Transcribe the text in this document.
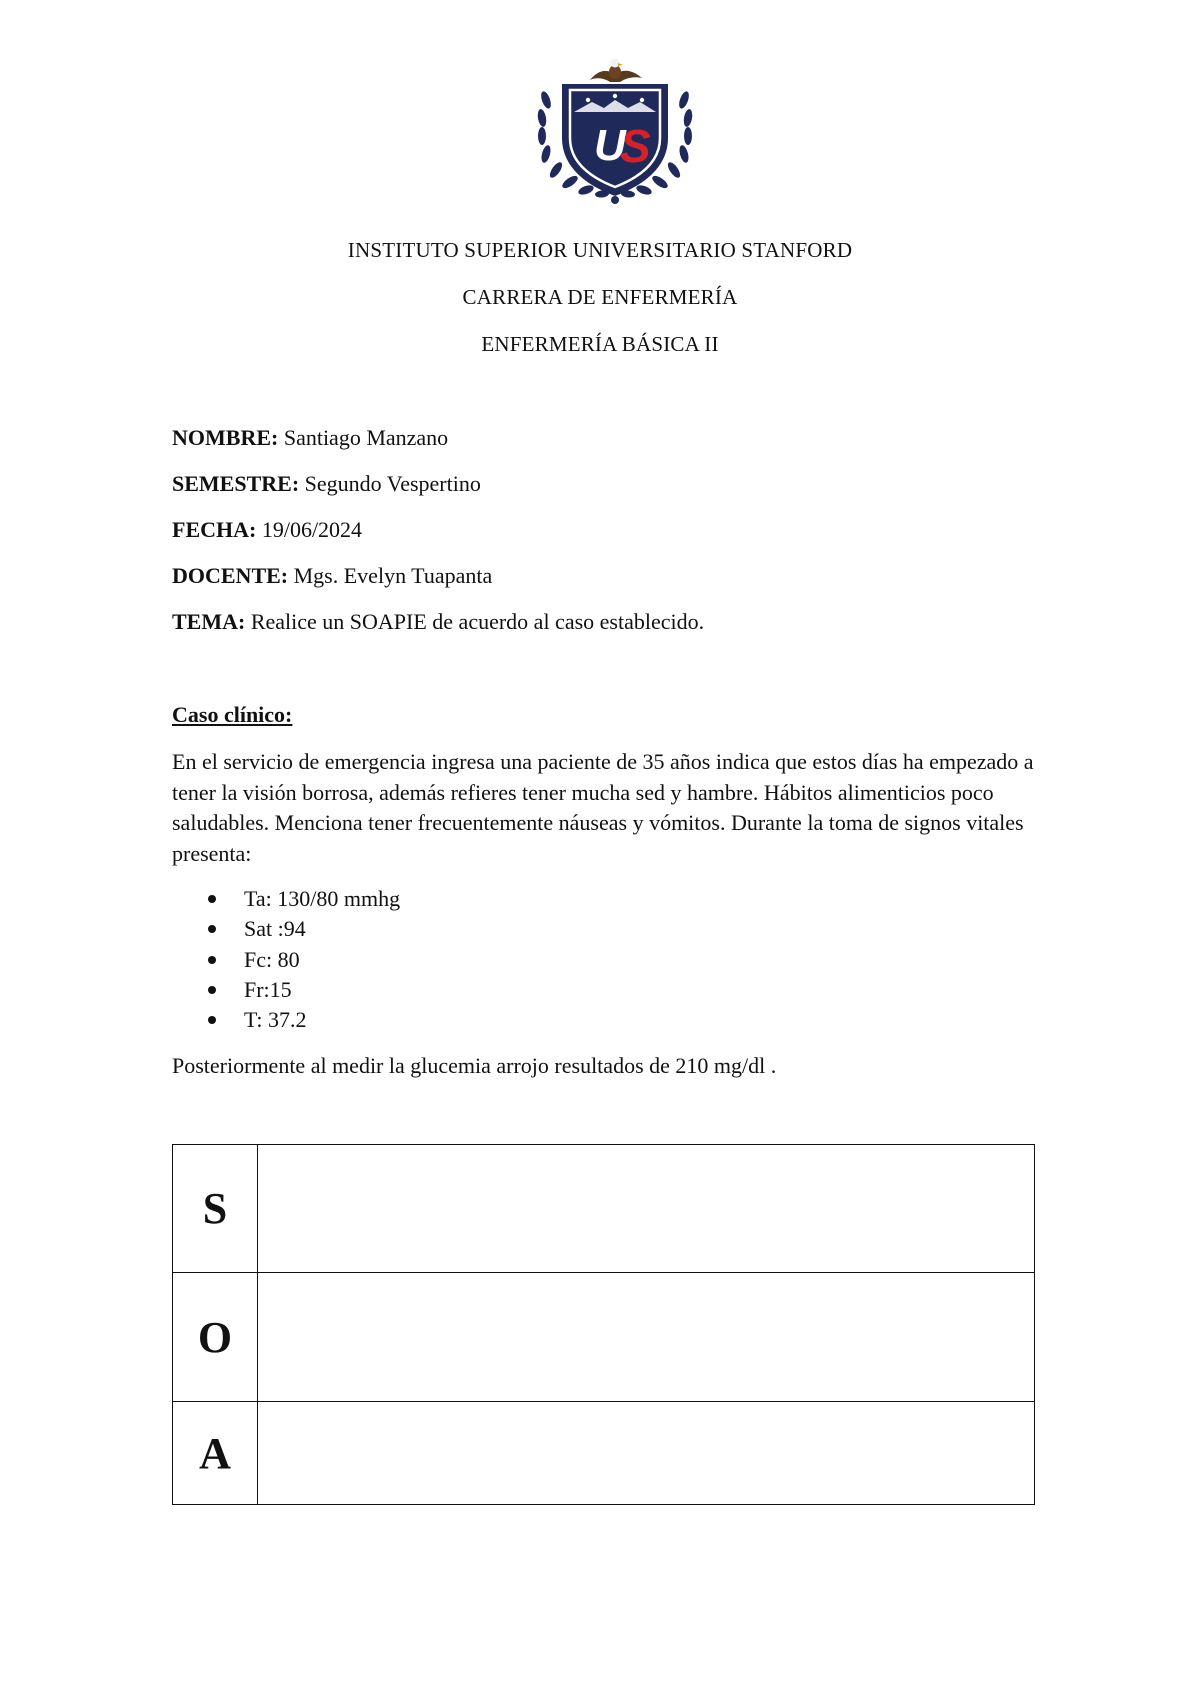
U
S
INSTITUTO SUPERIOR UNIVERSITARIO STANFORD
CARRERA DE ENFERMERÍA
ENFERMERÍA BÁSICA II
NOMBRE: Santiago Manzano
SEMESTRE: Segundo Vespertino
FECHA: 19/06/2024
DOCENTE: Mgs. Evelyn Tuapanta
TEMA: Realice un SOAPIE de acuerdo al caso establecido.
Caso clínico:
En el servicio de emergencia ingresa una paciente de 35 años indica que estos días ha empezado a tener la visión borrosa, además refieres tener mucha sed y hambre. Hábitos alimenticios poco saludables. Menciona tener frecuentemente náuseas y vómitos. Durante la toma de signos vitales presenta:
Ta: 130/80 mmhg
Sat :94
Fc: 80
Fr:15
T: 37.2
Posteriormente al medir la glucemia arrojo resultados de 210 mg/dl .
S	
O	
A	
